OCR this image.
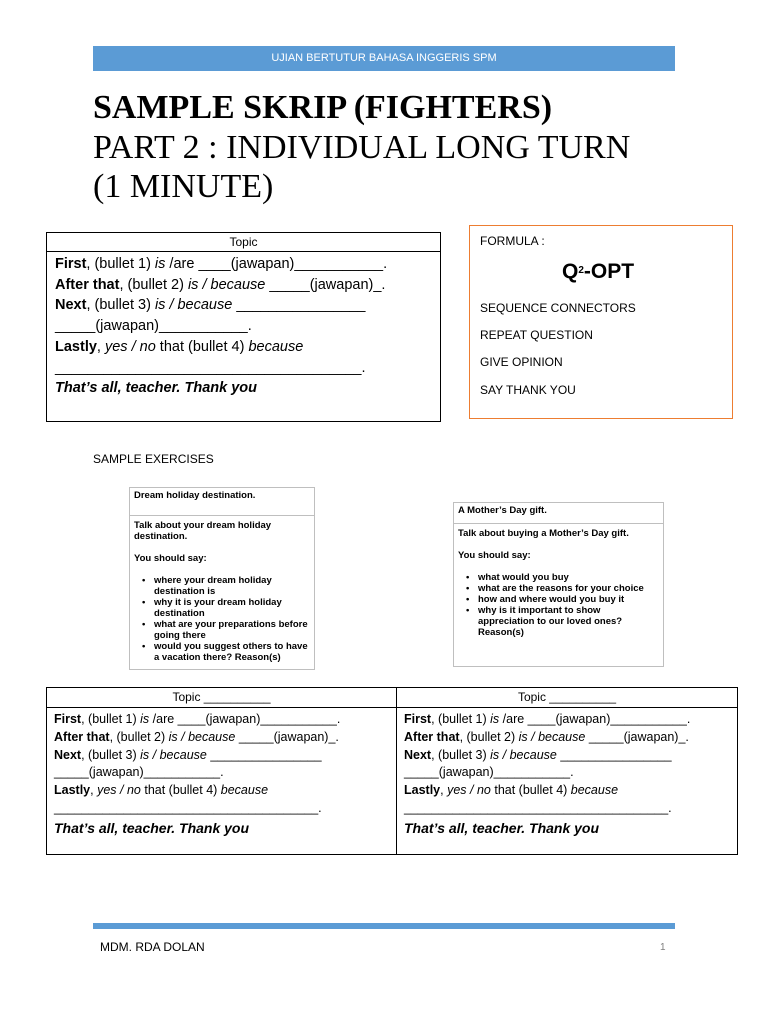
UJIAN BERTUTUR BAHASA INGGERIS SPM
SAMPLE SKRIP (FIGHTERS)
PART 2 : INDIVIDUAL LONG TURN
(1 MINUTE)
Topic
First, (bullet 1) is /are ____(jawapan)___________.
After that, (bullet 2) is / because _____(jawapan)_.
Next, (bullet 3) is / because ________________
_____(jawapan)___________.
Lastly, yes / no that (bullet 4) because
______________________________________.
That’s all, teacher. Thank you
FORMULA :
$Q^2$-OPT
SEQUENCE CONNECTORS
REPEAT QUESTION
GIVE OPINION
SAY THANK YOU
SAMPLE EXERCISES
Dream holiday destination.
Talk about your dream holiday destination.
You should say:
• where your dream holiday destination is
• why it is your dream holiday destination
• what are your preparations before going there
• would you suggest others to have a vacation there? Reason(s)
A Mother’s Day gift.
Talk about buying a Mother’s Day gift.
You should say:
• what would you buy
• what are the reasons for your choice
• how and where would you buy it
• why is it important to show appreciation to our loved ones? Reason(s)
Topic __________
First, (bullet 1) is /are ____(jawapan)___________.
After that, (bullet 2) is / because _____(jawapan)_.
Next, (bullet 3) is / because ________________
_____(jawapan)___________.
Lastly, yes / no that (bullet 4) because
______________________________________.
That’s all, teacher. Thank you
Topic __________
First, (bullet 1) is /are ____(jawapan)___________.
After that, (bullet 2) is / because _____(jawapan)_.
Next, (bullet 3) is / because ________________
_____(jawapan)___________.
Lastly, yes / no that (bullet 4) because
______________________________________.
That’s all, teacher. Thank you
MDM. RDA DOLAN	1
